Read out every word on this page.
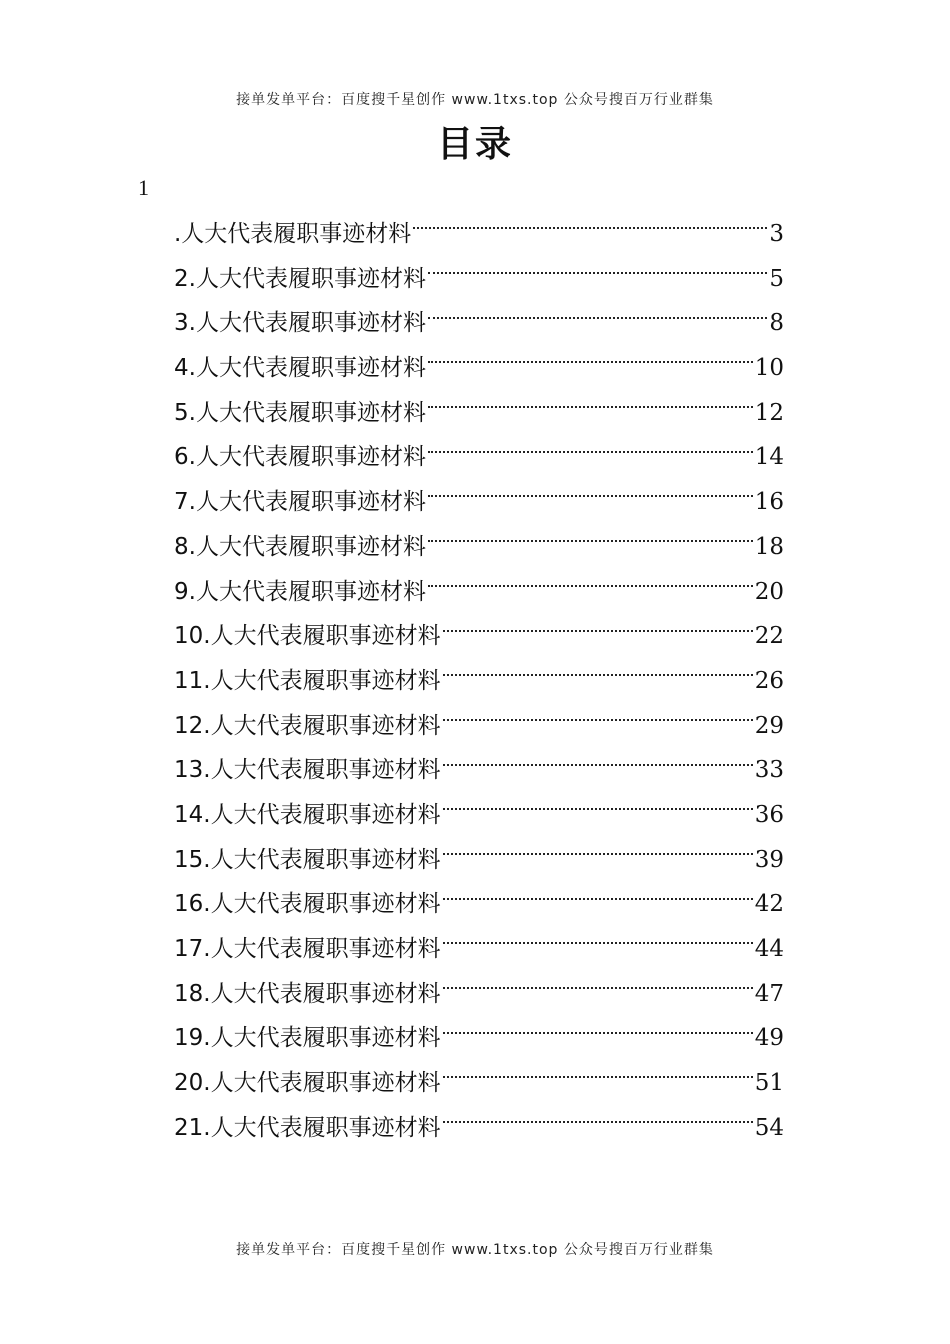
接单发单平台：百度搜千星创作 www.1txs.top 公众号搜百万行业群集
目录
1
.人大代表履职事迹材料	3
2.人大代表履职事迹材料	5
3.人大代表履职事迹材料	8
4.人大代表履职事迹材料	10
5.人大代表履职事迹材料	12
6.人大代表履职事迹材料	14
7.人大代表履职事迹材料	16
8.人大代表履职事迹材料	18
9.人大代表履职事迹材料	20
10.人大代表履职事迹材料	22
11.人大代表履职事迹材料	26
12.人大代表履职事迹材料	29
13.人大代表履职事迹材料	33
14.人大代表履职事迹材料	36
15.人大代表履职事迹材料	39
16.人大代表履职事迹材料	42
17.人大代表履职事迹材料	44
18.人大代表履职事迹材料	47
19.人大代表履职事迹材料	49
20.人大代表履职事迹材料	51
21.人大代表履职事迹材料	54
接单发单平台：百度搜千星创作 www.1txs.top 公众号搜百万行业群集
